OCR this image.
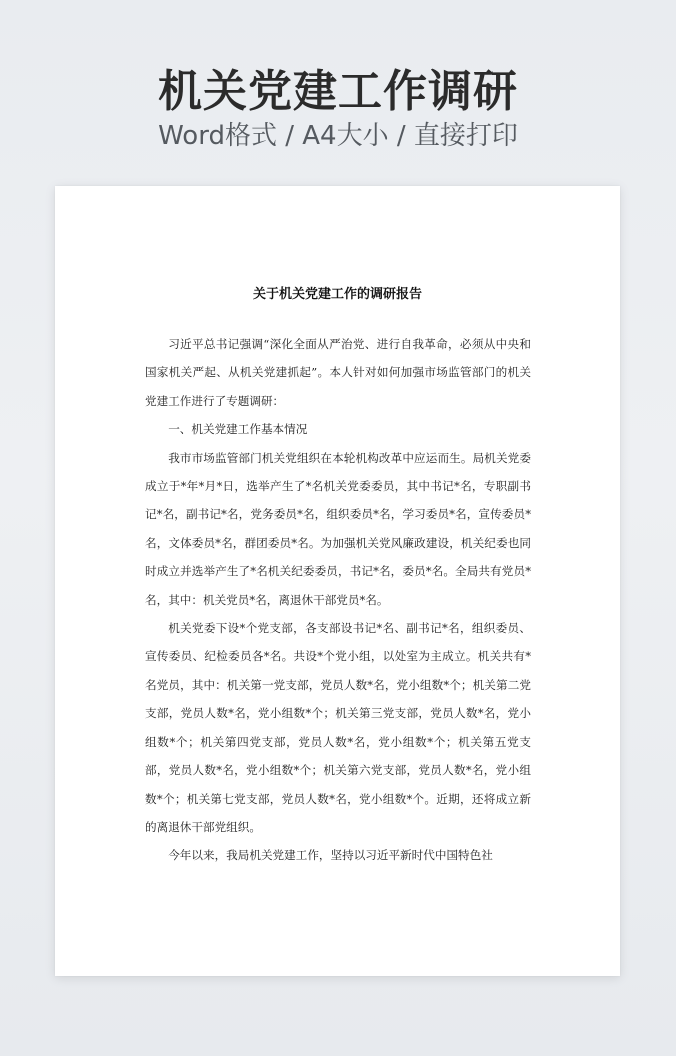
机关党建工作调研
Word格式 / A4大小 / 直接打印
关于机关党建工作的调研报告

习近平总书记强调“深化全面从严治党、进行自我革命，必须从中央和国家机关严起、从机关党建抓起”。本人针对如何加强市场监管部门的机关党建工作进行了专题调研：

一、机关党建工作基本情况

我市市场监管部门机关党组织在本轮机构改革中应运而生。局机关党委成立于*年*月*日，选举产生了*名机关党委委员，其中书记*名，专职副书记*名，副书记*名，党务委员*名，组织委员*名，学习委员*名，宣传委员*名，文体委员*名，群团委员*名。为加强机关党风廉政建设，机关纪委也同时成立并选举产生了*名机关纪委委员，书记*名，委员*名。全局共有党员*名，其中：机关党员*名，离退休干部党员*名。

机关党委下设*个党支部，各支部设书记*名、副书记*名，组织委员、宣传委员、纪检委员各*名。共设*个党小组，以处室为主成立。机关共有*名党员，其中：机关第一党支部，党员人数*名，党小组数*个；机关第二党支部，党员人数*名，党小组数*个；机关第三党支部，党员人数*名，党小组数*个；机关第四党支部，党员人数*名，党小组数*个；机关第五党支部，党员人数*名，党小组数*个；机关第六党支部，党员人数*名，党小组数*个；机关第七党支部，党员人数*名，党小组数*个。近期，还将成立新的离退休干部党组织。

今年以来，我局机关党建工作，坚持以习近平新时代中国特色社
